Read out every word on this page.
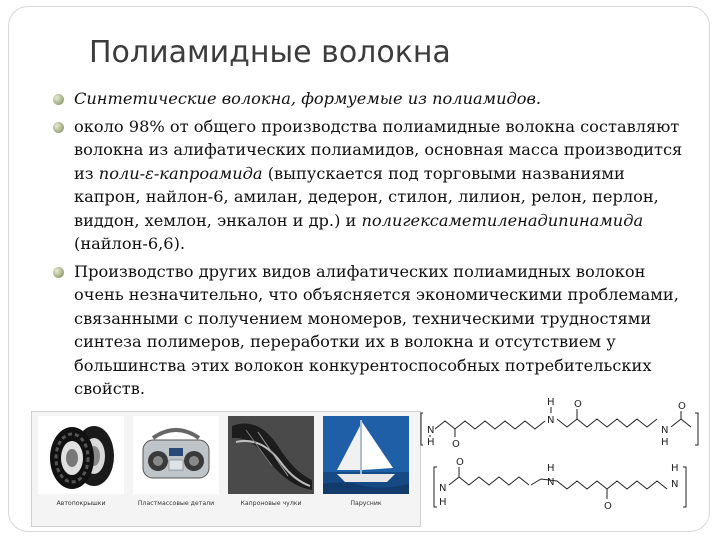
Полиамидные волокна
Синтетические волокна, формуемые из полиамидов.
около 98% от общего производства полиамидные волокна составляют волокна из алифатических полиамидов, основная масса производится из поли-ε-капроамида (выпускается под торговыми названиями капрон, найлон-6, амилан, дедерон, стилон, лилион, релон, перлон, виддон, хемлон, энкалон и др.) и полигексаметиленадипинамида (найлон-6,6).
Производство других видов алифатических полиамидных волокон очень незначительно, что объясняется экономическими проблемами, связанными с получением мономеров, техническими трудностями синтеза полимеров, переработки их в волокна и отсутствием у большинства этих волокон конкурентоспособных потребительских свойств.
Автопокрышки	Пластмассовые детали	Капроновые чулки	Парусник
N
H O
H
N
O
N
H
O
N
H
O
H
N
O
H
N
